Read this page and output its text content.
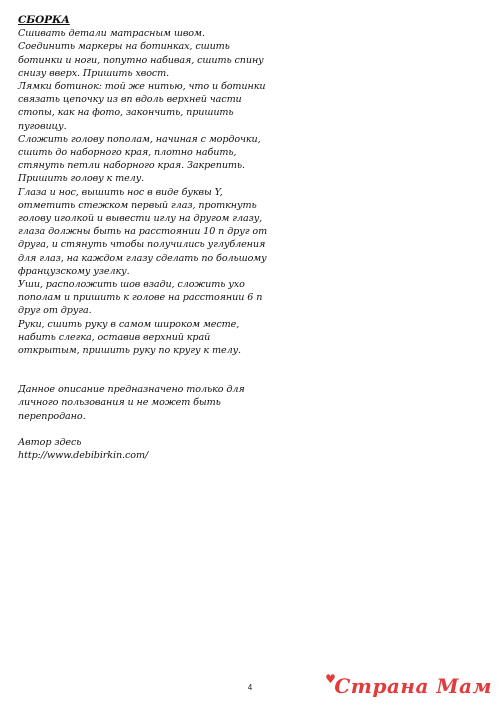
СБОРКА
Сшивать детали матрасным швом.
Соединить маркеры на ботинках, сшить
ботинки и ноги, попутно набивая, сшить спину
снизу вверх. Пришить хвост.
Лямки ботинок: той же нитью, что и ботинки
связать цепочку из вп вдоль верхней части
стопы, как на фото, закончить, пришить
пуговицу.
Сложить голову пополам, начиная с мордочки,
сшить до наборного края, плотно набить,
стянуть петли наборного края. Закрепить.
Пришить голову к телу.
Глаза и нос, вышить нос в виде буквы Y,
отметить стежком первый глаз, проткнуть
голову иголкой и вывести иглу на другом глазу,
глаза должны быть на расстоянии 10 п друг от
друга, и стянуть чтобы получились углубления
для глаз, на каждом глазу сделать по большому
французскому узелку.
Уши, расположить шов взади, сложить ухо
пополам и пришить к голове на расстоянии 6 п
друг от друга.
Руки, сшить руку в самом широком месте,
набить слегка, оставив верхний край
открытым, пришить руку по кругу к телу.
Данное описание предназначено только для
личного пользования и не может быть
перепродано.
Автор здесь
http://www.debibirkin.com/
4
♥Страна Мам
